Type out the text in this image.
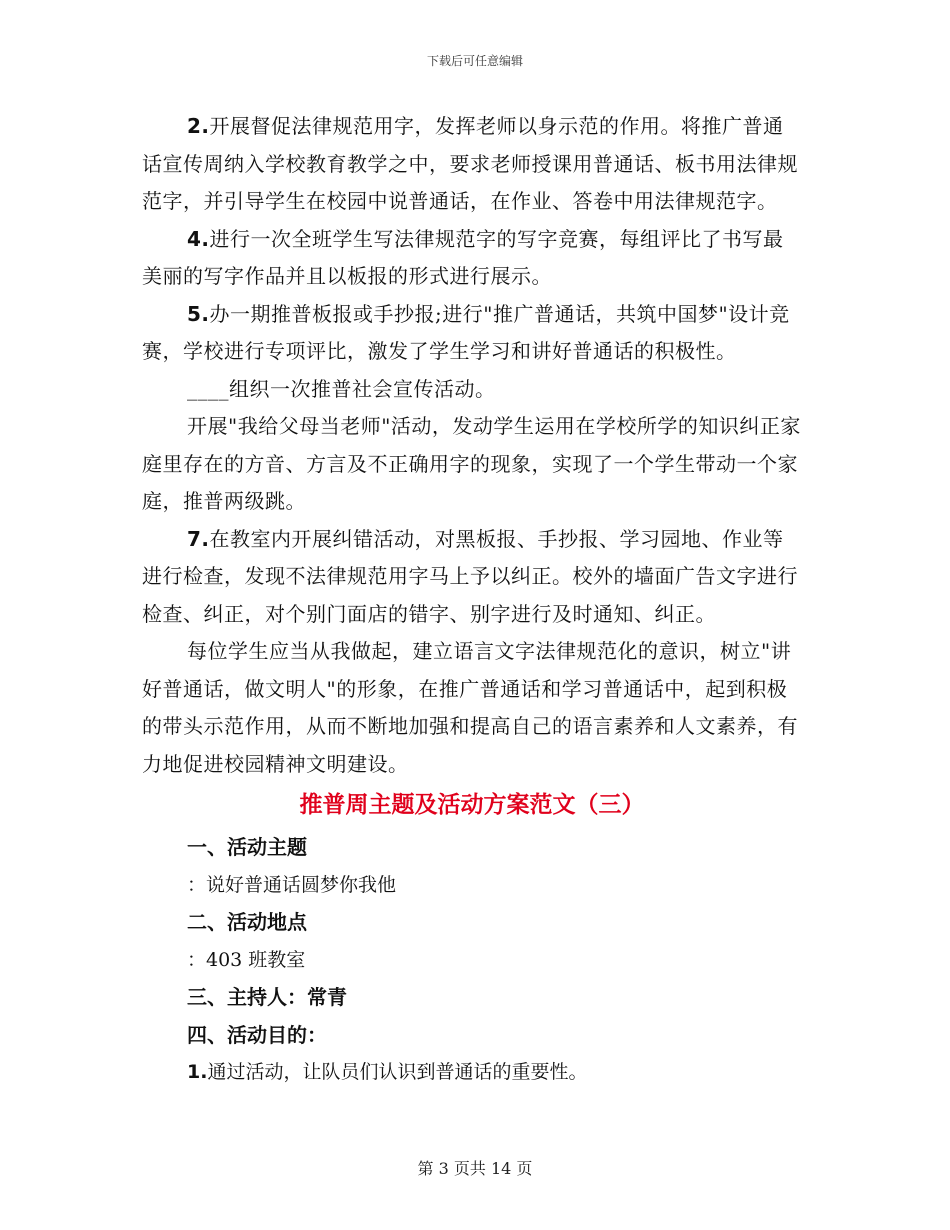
下载后可任意编辑

2.开展督促法律规范用字，发挥老师以身示范的作用。将推广普通话宣传周纳入学校教育教学之中，要求老师授课用普通话、板书用法律规范字，并引导学生在校园中说普通话，在作业、答卷中用法律规范字。

4.进行一次全班学生写法律规范字的写字竞赛，每组评比了书写最美丽的写字作品并且以板报的形式进行展示。

5.办一期推普板报或手抄报;进行"推广普通话，共筑中国梦"设计竞赛，学校进行专项评比，激发了学生学习和讲好普通话的积极性。

____组织一次推普社会宣传活动。

开展"我给父母当老师"活动，发动学生运用在学校所学的知识纠正家庭里存在的方音、方言及不正确用字的现象，实现了一个学生带动一个家庭，推普两级跳。

7.在教室内开展纠错活动，对黑板报、手抄报、学习园地、作业等进行检查，发现不法律规范用字马上予以纠正。校外的墙面广告文字进行检查、纠正，对个别门面店的错字、别字进行及时通知、纠正。

每位学生应当从我做起，建立语言文字法律规范化的意识，树立"讲好普通话，做文明人"的形象，在推广普通话和学习普通话中，起到积极的带头示范作用，从而不断地加强和提高自己的语言素养和人文素养，有力地促进校园精神文明建设。

推普周主题及活动方案范文（三）

一、活动主题

：说好普通话圆梦你我他

二、活动地点

：403 班教室

三、主持人：常青

四、活动目的：

1.通过活动，让队员们认识到普通话的重要性。

第 3 页共 14 页
